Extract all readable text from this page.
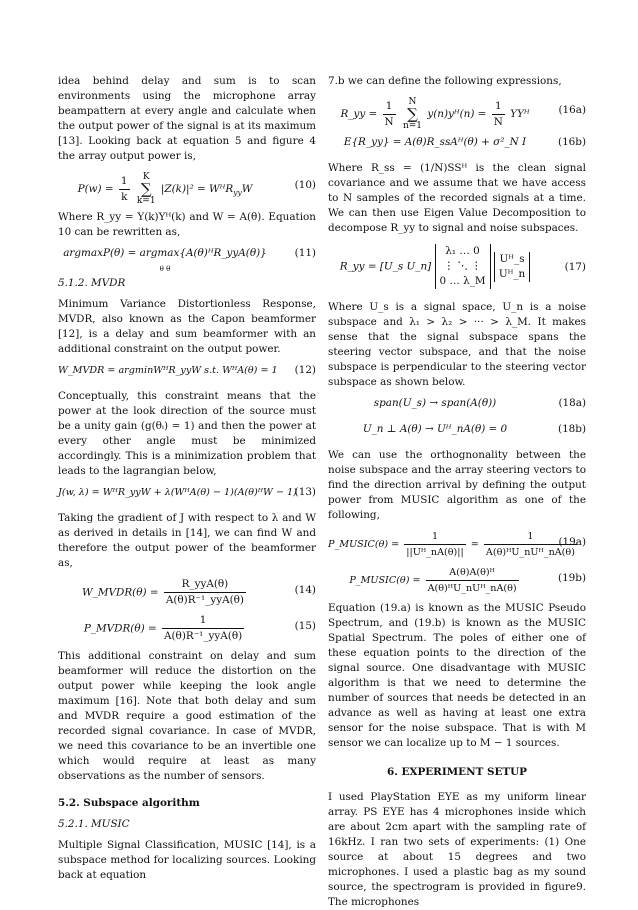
idea behind delay and sum is to scan environments using the microphone array beampattern at every angle and calculate when the output power of the signal is at its maximum [13]. Looking back at equation 5 and figure 4 the array output power is,

$P(w) = \frac{1}{k}$ K
∑
k=1 |Z(k)|² = WᴴR$_{yy}$W	(10)

Where R_yy = Y(k)Yᴴ(k) and W = A(θ). Equation 10 can be rewritten as,

argmaxP(θ) = argmax{A(θ)ᴴR_yyA(θ)}
θ θ
(11)

5.1.2. MVDR

Minimum Variance Distortionless Response, MVDR, also known as the Capon beamformer [12], is a delay and sum beamformer with an additional constraint on the output power.

W_MVDR = argminWᴴR_yyW s.t. WᴴA(θ) = 1 (12)

Conceptually, this constraint means that the power at the look direction of the source must be a unity gain (g(θᵢ) = 1) and then the power at every other angle must be minimized accordingly. This is a minimization problem that leads to the lagrangian below,

J(w, λ) = WᴴR_yyW + λ(WᴴA(θ) − 1)(A(θ)ᴴW − 1)
(13)

Taking the gradient of J with respect to λ and W as derived in details in [14], we can find W and therefore the output power of the beamformer as,

W_MVDR(θ) = $\frac{\text{R\_yyA(θ)}}{\text{A(θ)R⁻¹\_yyA(θ)}}$	(14)
P_MVDR(θ) = $\frac{1}{\text{A(θ)R⁻¹\_yyA(θ)}}$	(15)

This additional constraint on delay and sum beamformer will reduce the distortion on the output power while keeping the look angle maximum [16]. Note that both delay and sum and MVDR require a good estimation of the recorded signal covariance. In case of MVDR, we need this covariance to be an invertible one which would require at least as many observations as the number of sensors.

5.2. Subspace algorithm

5.2.1. MUSIC

Multiple Signal Classification, MUSIC [14], is a subspace method for localizing sources. Looking back at equation

7.b we can define the following expressions,

R_yy = $\frac{1}{N}$ N
∑
n=1 y(n)yᴴ(n) = $\frac{1}{N}$ YYᴴ	(16a)
E{R_yy} = A(θ)R_ssAᴴ(θ) + σ²_N I	(16b)

Where R_ss = (1/N)SSᴴ is the clean signal covariance and we assume that we have access to N samples of the recorded signals at a time. We can then use Eigen Value Decomposition to decompose R_yy to signal and noise subspaces.

R_yy = [U_s U_n]
λ₁ … 0
⋮ ⋱ ⋮
0 … λ_M

Uᴴ_s
Uᴴ_n
(17)

Where U_s is a signal space, U_n is a noise subspace and λ₁ > λ₂ > ··· > λ_M. It makes sense that the signal subspace spans the steering vector subspace, and that the noise subspace is perpendicular to the steering vector subspace as shown below.

span(U_s) → span(A(θ))	(18a)
U_n ⊥ A(θ) → Uᴴ_nA(θ) = 0	(18b)

We can use the orthognonality between the noise subspace and the array steering vectors to find the direction arrival by defining the output power from MUSIC algorithm as one of the following,

P_MUSIC(θ) = $\frac{1}{\text{||Uᴴ\_nA(θ)||}} = \frac{1}{\text{A(θ)ᴴU\_nUᴴ\_nA(θ)}}$
(19a)
P_MUSIC(θ) = $\frac{\text{A(θ)A(θ)ᴴ}}{\text{A(θ)ᴴU\_nUᴴ\_nA(θ)}}$	(19b)

Equation (19.a) is known as the MUSIC Pseudo Spectrum, and (19.b) is known as the MUSIC Spatial Spectrum. The poles of either one of these equation points to the direction of the signal source. One disadvantage with MUSIC algorithm is that we need to determine the number of sources that needs be detected in an advance as well as having at least one extra sensor for the noise subspace. That is with M sensor we can localize up to M − 1 sources.

6. EXPERIMENT SETUP

I used PlayStation EYE as my uniform linear array. PS EYE has 4 microphones inside which are about 2cm apart with the sampling rate of 16kHz. I ran two sets of experiments: (1) One source at about 15 degrees and two microphones. I used a plastic bag as my sound source, the spectrogram is provided in figure9. The microphones
